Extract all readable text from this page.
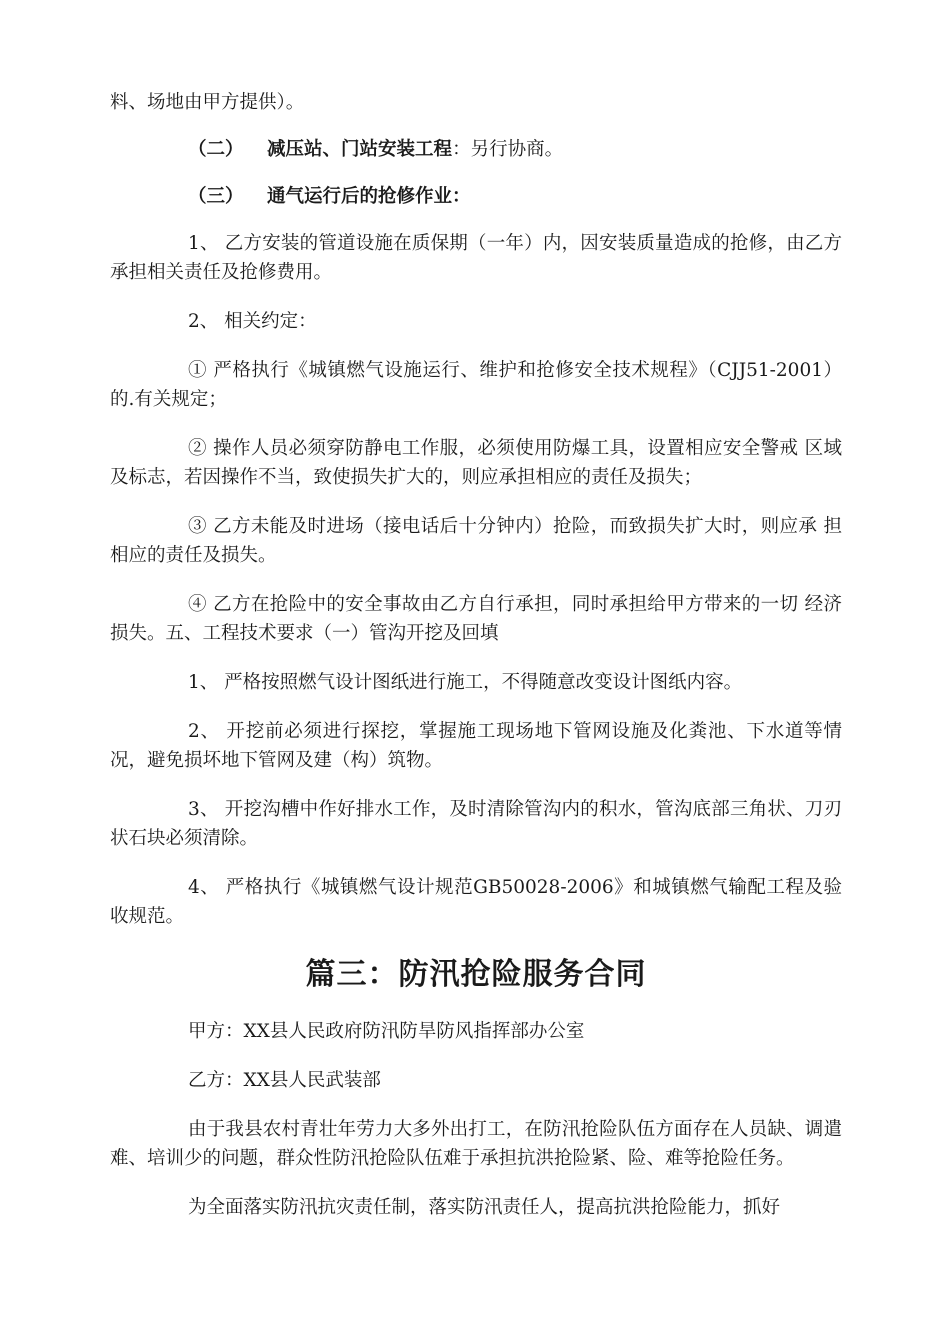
料、场地由甲方提供）。

（二） 减压站、门站安装工程：另行协商。

（三） 通气运行后的抢修作业：

1、 乙方安装的管道设施在质保期（一年）内，因安装质量造成的抢修，由乙方承担相关责任及抢修费用。

2、 相关约定：

① 严格执行《城镇燃气设施运行、维护和抢修安全技术规程》（CJJ51-2001）的.有关规定；

② 操作人员必须穿防静电工作服，必须使用防爆工具，设置相应安全警戒 区域及标志，若因操作不当，致使损失扩大的，则应承担相应的责任及损失；

③ 乙方未能及时进场（接电话后十分钟内）抢险，而致损失扩大时，则应承 担相应的责任及损失。

④ 乙方在抢险中的安全事故由乙方自行承担，同时承担给甲方带来的一切 经济损失。五、工程技术要求（一）管沟开挖及回填

1、 严格按照燃气设计图纸进行施工，不得随意改变设计图纸内容。

2、 开挖前必须进行探挖，掌握施工现场地下管网设施及化粪池、下水道等情况，避免损坏地下管网及建（构）筑物。

3、 开挖沟槽中作好排水工作，及时清除管沟内的积水，管沟底部三角状、刀刃状石块必须清除。

4、 严格执行《城镇燃气设计规范GB50028-2006》和城镇燃气输配工程及验收规范。

篇三：防汛抢险服务合同

甲方：XX县人民政府防汛防旱防风指挥部办公室

乙方：XX县人民武装部

由于我县农村青壮年劳力大多外出打工，在防汛抢险队伍方面存在人员缺、调遣难、培训少的问题，群众性防汛抢险队伍难于承担抗洪抢险紧、险、难等抢险任务。

为全面落实防汛抗灾责任制，落实防汛责任人，提高抗洪抢险能力，抓好
